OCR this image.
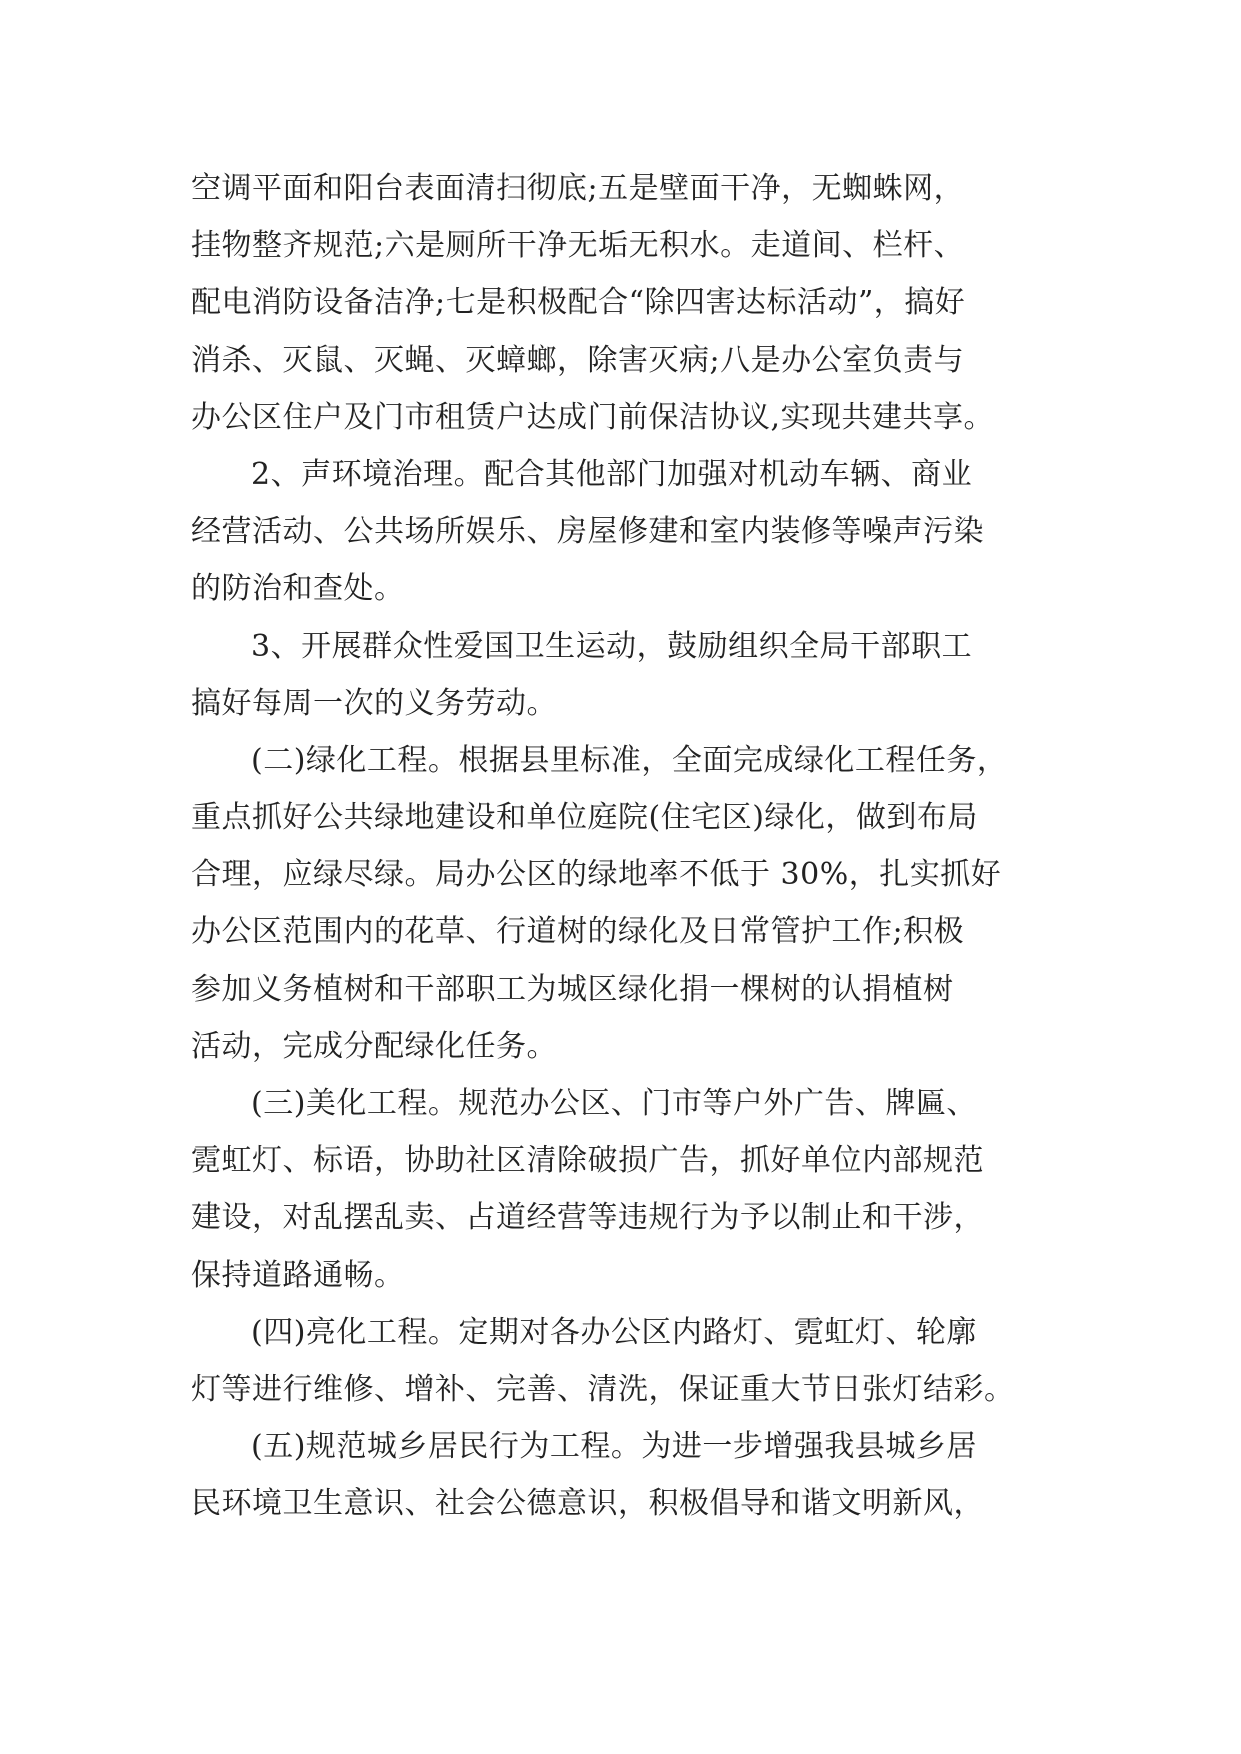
空调平面和阳台表面清扫彻底;五是壁面干净，无蜘蛛网，
挂物整齐规范;六是厕所干净无垢无积水。走道间、栏杆、
配电消防设备洁净;七是积极配合“除四害达标活动”，搞好
消杀、灭鼠、灭蝇、灭蟑螂，除害灭病;八是办公室负责与
办公区住户及门市租赁户达成门前保洁协议,实现共建共享。
2、声环境治理。配合其他部门加强对机动车辆、商业
经营活动、公共场所娱乐、房屋修建和室内装修等噪声污染
的防治和查处。
3、开展群众性爱国卫生运动，鼓励组织全局干部职工
搞好每周一次的义务劳动。
(二)绿化工程。根据县里标准，全面完成绿化工程任务，
重点抓好公共绿地建设和单位庭院(住宅区)绿化，做到布局
合理，应绿尽绿。局办公区的绿地率不低于 30%，扎实抓好
办公区范围内的花草、行道树的绿化及日常管护工作;积极
参加义务植树和干部职工为城区绿化捐一棵树的认捐植树
活动，完成分配绿化任务。
(三)美化工程。规范办公区、门市等户外广告、牌匾、
霓虹灯、标语，协助社区清除破损广告，抓好单位内部规范
建设，对乱摆乱卖、占道经营等违规行为予以制止和干涉，
保持道路通畅。
(四)亮化工程。定期对各办公区内路灯、霓虹灯、轮廓
灯等进行维修、增补、完善、清洗，保证重大节日张灯结彩。
(五)规范城乡居民行为工程。为进一步增强我县城乡居
民环境卫生意识、社会公德意识，积极倡导和谐文明新风，
